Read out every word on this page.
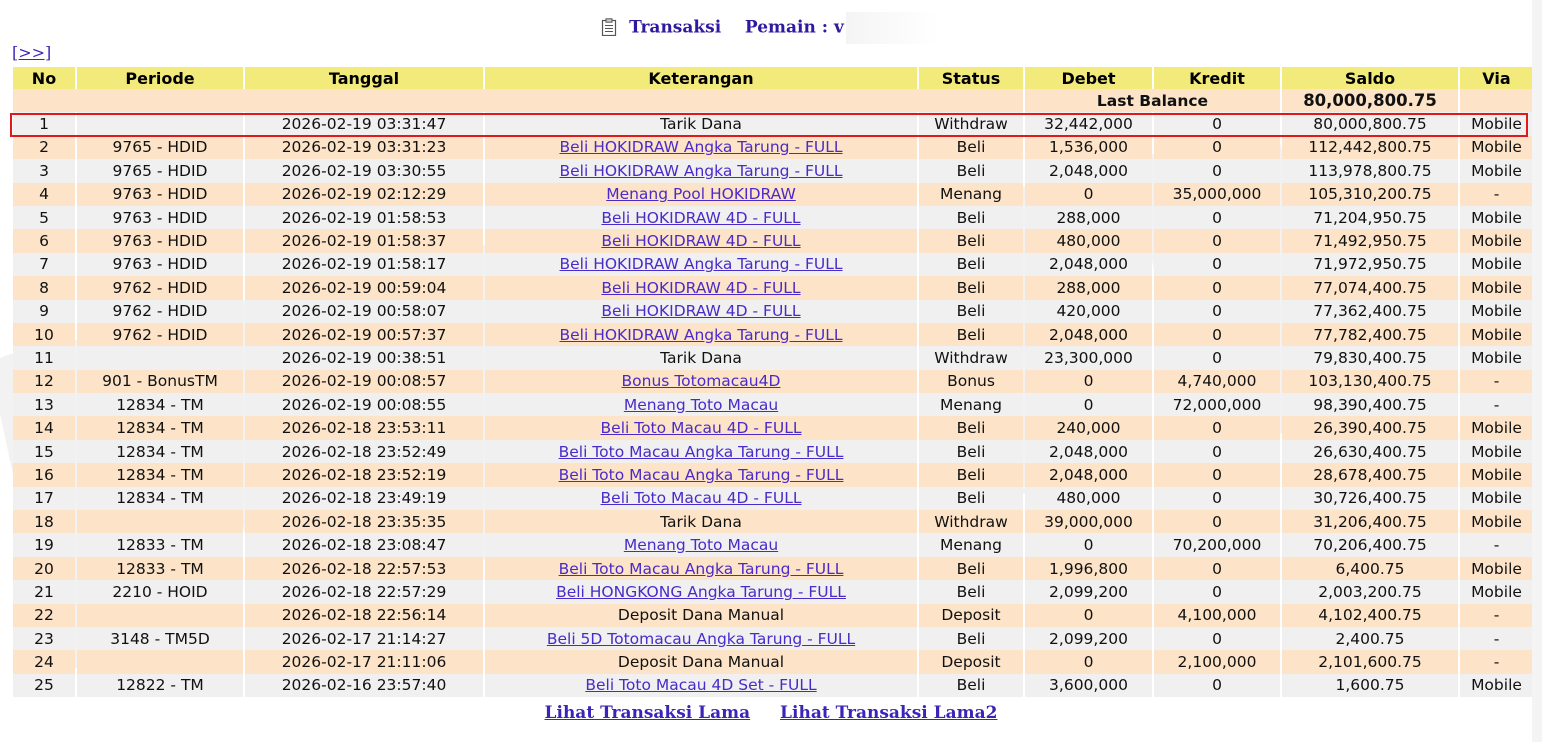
Transaksi Pemain : v
[>>]
No	Periode	Tanggal	Keterangan	Status	Debet	Kredit	Saldo	Via
					Last Balance		80,000,800.75	
1		2026-02-19 03:31:47	Tarik Dana	Withdraw	32,442,000	0	80,000,800.75	Mobile
2	9765 - HDID	2026-02-19 03:31:23	Beli HOKIDRAW Angka Tarung - FULL	Beli	1,536,000	0	112,442,800.75	Mobile
3	9765 - HDID	2026-02-19 03:30:55	Beli HOKIDRAW Angka Tarung - FULL	Beli	2,048,000	0	113,978,800.75	Mobile
4	9763 - HDID	2026-02-19 02:12:29	Menang Pool HOKIDRAW	Menang	0	35,000,000	105,310,200.75	-
5	9763 - HDID	2026-02-19 01:58:53	Beli HOKIDRAW 4D - FULL	Beli	288,000	0	71,204,950.75	Mobile
6	9763 - HDID	2026-02-19 01:58:37	Beli HOKIDRAW 4D - FULL	Beli	480,000	0	71,492,950.75	Mobile
7	9763 - HDID	2026-02-19 01:58:17	Beli HOKIDRAW Angka Tarung - FULL	Beli	2,048,000	0	71,972,950.75	Mobile
8	9762 - HDID	2026-02-19 00:59:04	Beli HOKIDRAW 4D - FULL	Beli	288,000	0	77,074,400.75	Mobile
9	9762 - HDID	2026-02-19 00:58:07	Beli HOKIDRAW 4D - FULL	Beli	420,000	0	77,362,400.75	Mobile
10	9762 - HDID	2026-02-19 00:57:37	Beli HOKIDRAW Angka Tarung - FULL	Beli	2,048,000	0	77,782,400.75	Mobile
11		2026-02-19 00:38:51	Tarik Dana	Withdraw	23,300,000	0	79,830,400.75	Mobile
12	901 - BonusTM	2026-02-19 00:08:57	Bonus Totomacau4D	Bonus	0	4,740,000	103,130,400.75	-
13	12834 - TM	2026-02-19 00:08:55	Menang Toto Macau	Menang	0	72,000,000	98,390,400.75	-
14	12834 - TM	2026-02-18 23:53:11	Beli Toto Macau 4D - FULL	Beli	240,000	0	26,390,400.75	Mobile
15	12834 - TM	2026-02-18 23:52:49	Beli Toto Macau Angka Tarung - FULL	Beli	2,048,000	0	26,630,400.75	Mobile
16	12834 - TM	2026-02-18 23:52:19	Beli Toto Macau Angka Tarung - FULL	Beli	2,048,000	0	28,678,400.75	Mobile
17	12834 - TM	2026-02-18 23:49:19	Beli Toto Macau 4D - FULL	Beli	480,000	0	30,726,400.75	Mobile
18		2026-02-18 23:35:35	Tarik Dana	Withdraw	39,000,000	0	31,206,400.75	Mobile
19	12833 - TM	2026-02-18 23:08:47	Menang Toto Macau	Menang	0	70,200,000	70,206,400.75	-
20	12833 - TM	2026-02-18 22:57:53	Beli Toto Macau Angka Tarung - FULL	Beli	1,996,800	0	6,400.75	Mobile
21	2210 - HOID	2026-02-18 22:57:29	Beli HONGKONG Angka Tarung - FULL	Beli	2,099,200	0	2,003,200.75	Mobile
22		2026-02-18 22:56:14	Deposit Dana Manual	Deposit	0	4,100,000	4,102,400.75	-
23	3148 - TM5D	2026-02-17 21:14:27	Beli 5D Totomacau Angka Tarung - FULL	Beli	2,099,200	0	2,400.75	-
24		2026-02-17 21:11:06	Deposit Dana Manual	Deposit	0	2,100,000	2,101,600.75	-
25	12822 - TM	2026-02-16 23:57:40	Beli Toto Macau 4D Set - FULL	Beli	3,600,000	0	1,600.75	Mobile
Lihat Transaksi Lama Lihat Transaksi Lama2
